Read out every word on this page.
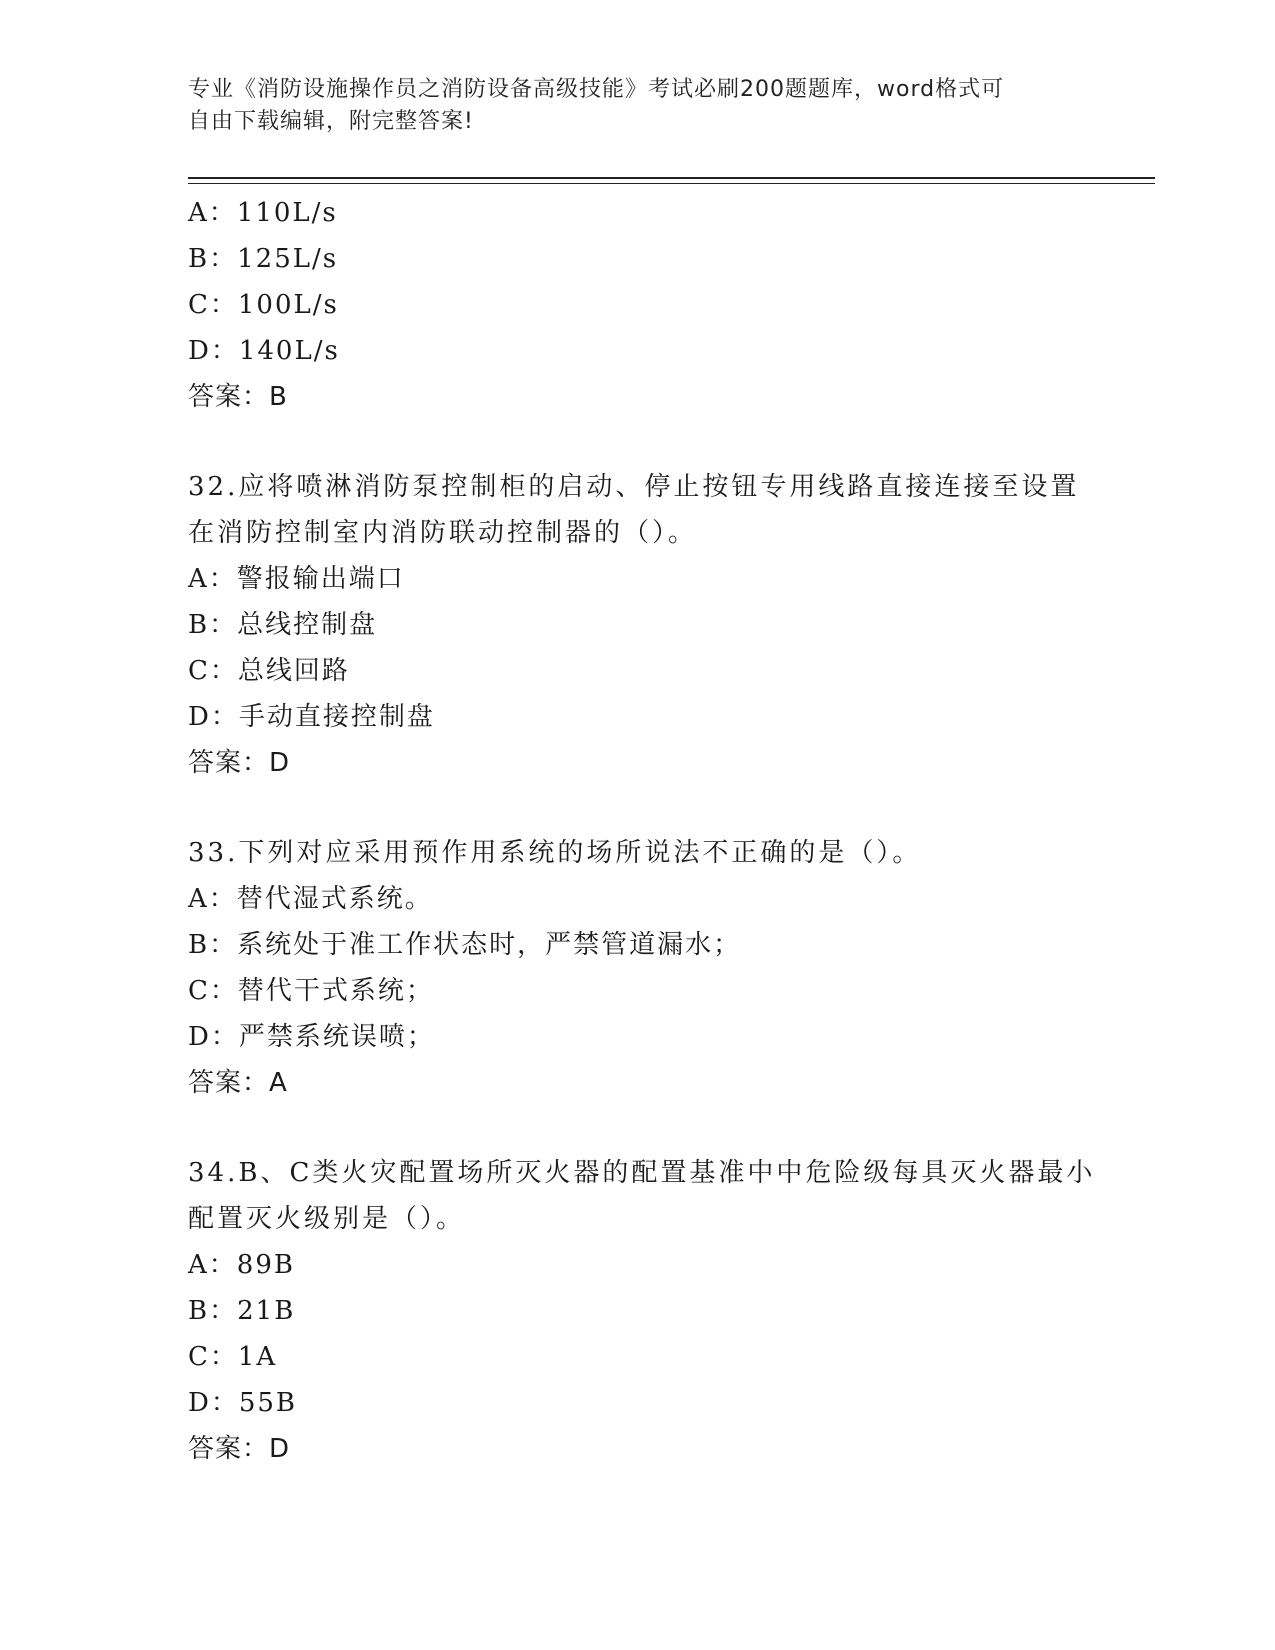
专业《消防设施操作员之消防设备高级技能》考试必刷200题题库，word格式可
自由下载编辑，附完整答案!
A：110L/s
B：125L/s
C：100L/s
D：140L/s
答案：B
32.应将喷淋消防泵控制柜的启动、停止按钮专用线路直接连接至设置
在消防控制室内消防联动控制器的（）。
A：警报输出端口
B：总线控制盘
C：总线回路
D：手动直接控制盘
答案：D
33.下列对应采用预作用系统的场所说法不正确的是（）。
A：替代湿式系统。
B：系统处于准工作状态时，严禁管道漏水；
C：替代干式系统；
D：严禁系统误喷；
答案：A
34.B、C类火灾配置场所灭火器的配置基准中中危险级每具灭火器最小
配置灭火级别是（）。
A：89B
B：21B
C：1A
D：55B
答案：D
